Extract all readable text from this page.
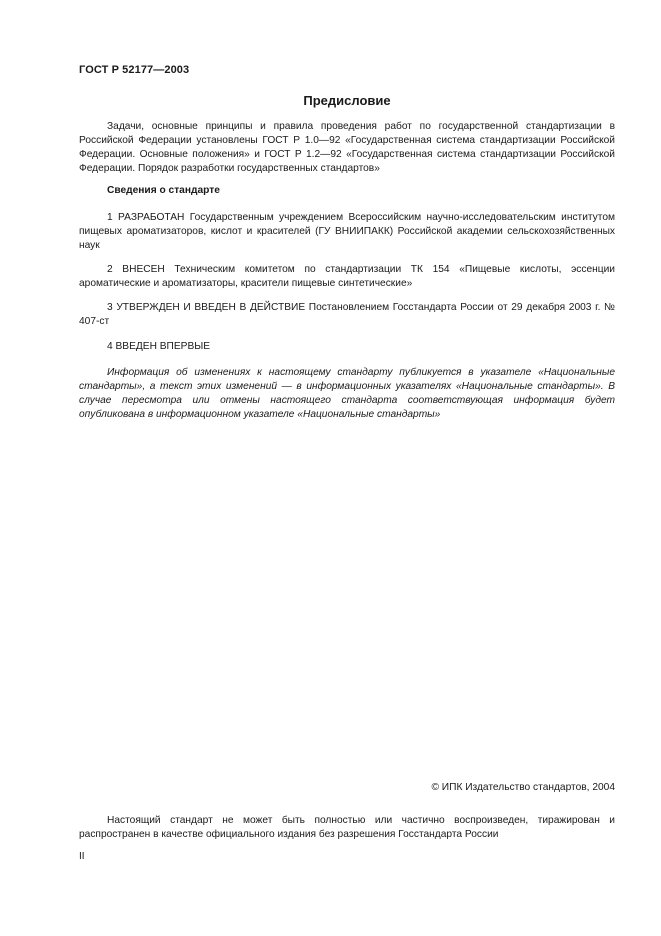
ГОСТ Р 52177—2003
Предисловие

Задачи, основные принципы и правила проведения работ по государственной стандартизации в Российской Федерации установлены ГОСТ Р 1.0—92 «Государственная система стандартизации Российской Федерации. Основные положения» и ГОСТ Р 1.2—92 «Государственная система стандартизации Российской Федерации. Порядок разработки государственных стандартов»

Сведения о стандарте

1 РАЗРАБОТАН Государственным учреждением Всероссийским научно-исследовательским институтом пищевых ароматизаторов, кислот и красителей (ГУ ВНИИПАКК) Российской академии сельскохозяйственных наук

2 ВНЕСЕН Техническим комитетом по стандартизации ТК 154 «Пищевые кислоты, эссенции ароматические и ароматизаторы, красители пищевые синтетические»

3 УТВЕРЖДЕН И ВВЕДЕН В ДЕЙСТВИЕ Постановлением Госстандарта России от 29 декабря 2003 г. № 407-ст

4 ВВЕДЕН ВПЕРВЫЕ

Информация об изменениях к настоящему стандарту публикуется в указателе «Национальные стандарты», а текст этих изменений — в информационных указателях «Национальные стандарты». В случае пересмотра или отмены настоящего стандарта соответствующая информация будет опубликована в информационном указателе «Национальные стандарты»

© ИПК Издательство стандартов, 2004

Настоящий стандарт не может быть полностью или частично воспроизведен, тиражирован и распространен в качестве официального издания без разрешения Госстандарта России

II
